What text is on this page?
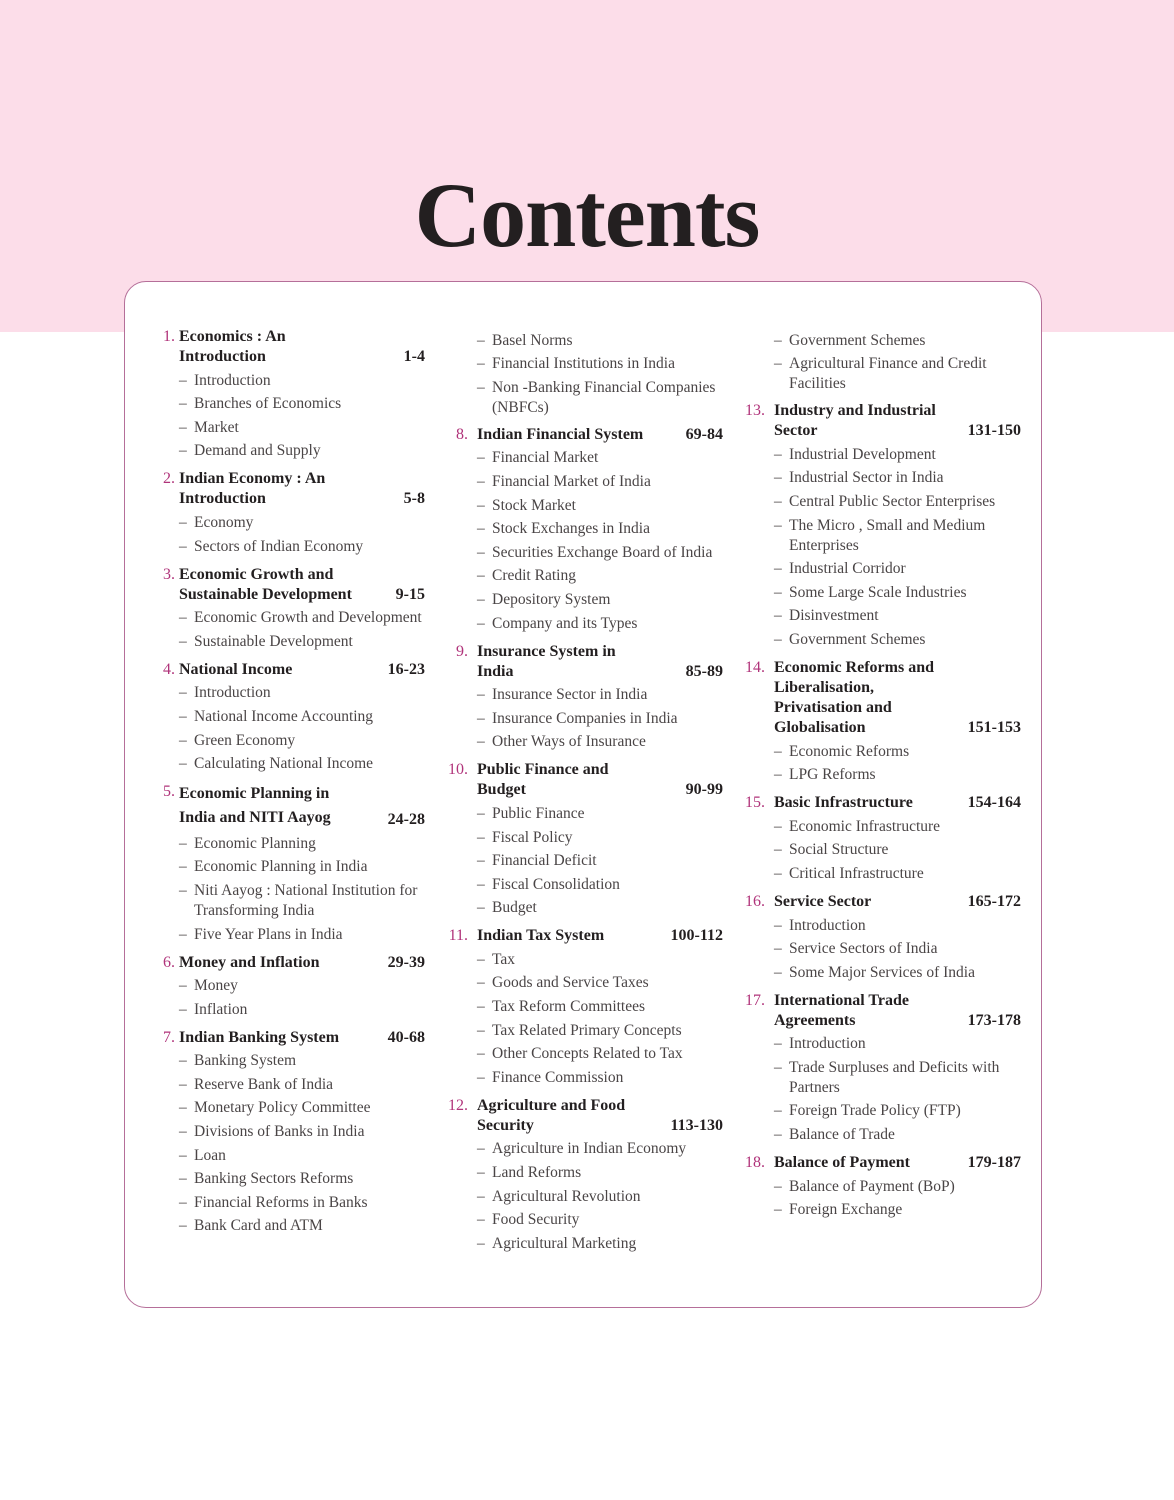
Contents
1. Economics : An Introduction	1-4
– Introduction
– Branches of Economics
– Market
– Demand and Supply
2. Indian Economy : An Introduction	5-8
– Economy
– Sectors of Indian Economy
3. Economic Growth and Sustainable Development	9-15
– Economic Growth and Development
– Sustainable Development
4. National Income	16-23
– Introduction
– National Income Accounting
– Green Economy
– Calculating National Income
5. Economic Planning in India and NITI Aayog	24-28
– Economic Planning
– Economic Planning in India
– Niti Aayog : National Institution for Transforming India
– Five Year Plans in India
6. Money and Inflation	29-39
– Money
– Inflation
7. Indian Banking System	40-68
– Banking System
– Reserve Bank of India
– Monetary Policy Committee
– Divisions of Banks in India
– Loan
– Banking Sectors Reforms
– Financial Reforms in Banks
– Bank Card and ATM
– Basel Norms
– Financial Institutions in India
– Non -Banking Financial Companies (NBFCs)
8. Indian Financial System	69-84
– Financial Market
– Financial Market of India
– Stock Market
– Stock Exchanges in India
– Securities Exchange Board of India
– Credit Rating
– Depository System
– Company and its Types
9. Insurance System in India	85-89
– Insurance Sector in India
– Insurance Companies in India
– Other Ways of Insurance
10. Public Finance and Budget	90-99
– Public Finance
– Fiscal Policy
– Financial Deficit
– Fiscal Consolidation
– Budget
11. Indian Tax System	100-112
– Tax
– Goods and Service Taxes
– Tax Reform Committees
– Tax Related Primary Concepts
– Other Concepts Related to Tax
– Finance Commission
12. Agriculture and Food Security	113-130
– Agriculture in Indian Economy
– Land Reforms
– Agricultural Revolution
– Food Security
– Agricultural Marketing
– Government Schemes
– Agricultural Finance and Credit Facilities
13. Industry and Industrial Sector	131-150
– Industrial Development
– Industrial Sector in India
– Central Public Sector Enterprises
– The Micro , Small and Medium Enterprises
– Industrial Corridor
– Some Large Scale Industries
– Disinvestment
– Government Schemes
14. Economic Reforms and Liberalisation, Privatisation and Globalisation	151-153
– Economic Reforms
– LPG Reforms
15. Basic Infrastructure	154-164
– Economic Infrastructure
– Social Structure
– Critical Infrastructure
16. Service Sector	165-172
– Introduction
– Service Sectors of India
– Some Major Services of India
17. International Trade Agreements	173-178
– Introduction
– Trade Surpluses and Deficits with Partners
– Foreign Trade Policy (FTP)
– Balance of Trade
18. Balance of Payment	179-187
– Balance of Payment (BoP)
– Foreign Exchange
